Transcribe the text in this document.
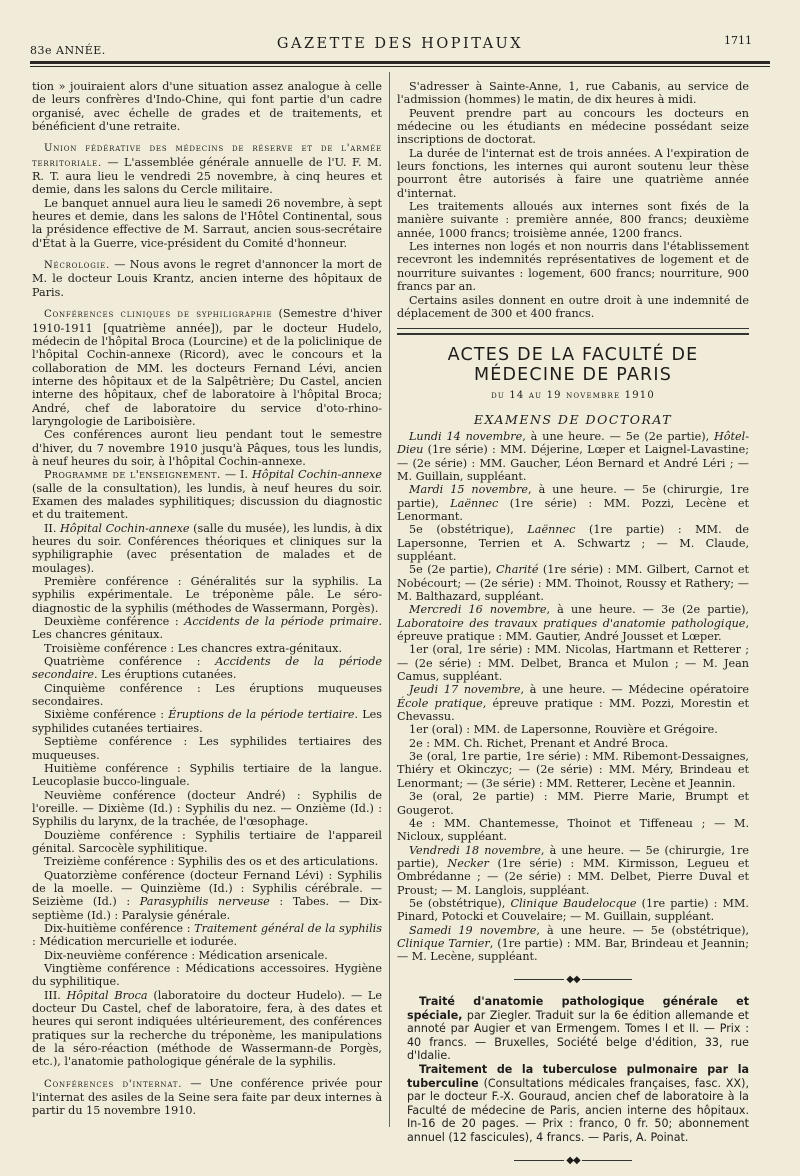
83e ANNÉE.	GAZETTE DES HOPITAUX	1711

tion » jouiraient alors d'une situation assez analogue à celle de leurs confrères d'Indo-Chine, qui font partie d'un cadre organisé, avec échelle de grades et de traitements, et bénéficient d'une retraite.

Union fédérative des médecins de réserve et de l'armée territoriale. — L'assemblée générale annuelle de l'U. F. M. R. T. aura lieu le vendredi 25 novembre, à cinq heures et demie, dans les salons du Cercle militaire.

Le banquet annuel aura lieu le samedi 26 novembre, à sept heures et demie, dans les salons de l'Hôtel Continental, sous la présidence effective de M. Sarraut, ancien sous-secrétaire d'État à la Guerre, vice-président du Comité d'honneur.

Nécrologie. — Nous avons le regret d'annoncer la mort de M. le docteur Louis Krantz, ancien interne des hôpitaux de Paris.

Conférences cliniques de syphiligraphie (Semestre d'hiver 1910-1911 [quatrième année]), par le docteur Hudelo, médecin de l'hôpital Broca (Lourcine) et de la policlinique de l'hôpital Cochin-annexe (Ricord), avec le concours et la collaboration de MM. les docteurs Fernand Lévi, ancien interne des hôpitaux et de la Salpêtrière; Du Castel, ancien interne des hôpitaux, chef de laboratoire à l'hôpital Broca; André, chef de laboratoire du service d'oto-rhino-laryngologie de Lariboisière.

Ces conférences auront lieu pendant tout le semestre d'hiver, du 7 novembre 1910 jusqu'à Pâques, tous les lundis, à neuf heures du soir, à l'hôpital Cochin-annexe.

Programme de l'enseignement. — I. Hôpital Cochin-annexe (salle de la consultation), les lundis, à neuf heures du soir. Examen des malades syphilitiques; discussion du diagnostic et du traitement.

II. Hôpital Cochin-annexe (salle du musée), les lundis, à dix heures du soir. Conférences théoriques et cliniques sur la syphiligraphie (avec présentation de malades et de moulages).

Première conférence : Généralités sur la syphilis. La syphilis expérimentale. Le tréponème pâle. Le séro-diagnostic de la syphilis (méthodes de Wassermann, Porgès).

Deuxième conférence : Accidents de la période primaire. Les chancres génitaux.

Troisième conférence : Les chancres extra-génitaux.

Quatrième conférence : Accidents de la période secondaire. Les éruptions cutanées.

Cinquième conférence : Les éruptions muqueuses secondaires.

Sixième conférence : Éruptions de la période tertiaire. Les syphilides cutanées tertiaires.

Septième conférence : Les syphilides tertiaires des muqueuses.

Huitième conférence : Syphilis tertiaire de la langue. Leucoplasie bucco-linguale.

Neuvième conférence (docteur André) : Syphilis de l'oreille. — Dixième (Id.) : Syphilis du nez. — Onzième (Id.) : Syphilis du larynx, de la trachée, de l'œsophage.

Douzième conférence : Syphilis tertiaire de l'appareil génital. Sarcocèle syphilitique.

Treizième conférence : Syphilis des os et des articulations.

Quatorzième conférence (docteur Fernand Lévi) : Syphilis de la moelle. — Quinzième (Id.) : Syphilis cérébrale. — Seizième (Id.) : Parasyphilis nerveuse : Tabes. — Dix-septième (Id.) : Paralysie générale.

Dix-huitième conférence : Traitement général de la syphilis : Médication mercurielle et iodurée.

Dix-neuvième conférence : Médication arsenicale.

Vingtième conférence : Médications accessoires. Hygiène du syphilitique.

III. Hôpital Broca (laboratoire du docteur Hudelo). — Le docteur Du Castel, chef de laboratoire, fera, à des dates et heures qui seront indiquées ultérieurement, des conférences pratiques sur la recherche du tréponème, les manipulations de la séro-réaction (méthode de Wassermann-de Porgès, etc.), l'anatomie pathologique générale de la syphilis.

Conférences d'internat. — Une conférence privée pour l'internat des asiles de la Seine sera faite par deux internes à partir du 15 novembre 1910.

S'adresser à Sainte-Anne, 1, rue Cabanis, au service de l'admission (hommes) le matin, de dix heures à midi.

Peuvent prendre part au concours les docteurs en médecine ou les étudiants en médecine possédant seize inscriptions de doctorat.

La durée de l'internat est de trois années. A l'expiration de leurs fonctions, les internes qui auront soutenu leur thèse pourront être autorisés à faire une quatrième année d'internat.

Les traitements alloués aux internes sont fixés de la manière suivante : première année, 800 francs; deuxième année, 1000 francs; troisième année, 1200 francs.

Les internes non logés et non nourris dans l'établissement recevront les indemnités représentatives de logement et de nourriture suivantes : logement, 600 francs; nourriture, 900 francs par an.

Certains asiles donnent en outre droit à une indemnité de déplacement de 300 et 400 francs.

ACTES DE LA FACULTÉ DE MÉDECINE DE PARIS
du 14 au 19 novembre 1910
EXAMENS DE DOCTORAT

Lundi 14 novembre, à une heure. — 5e (2e partie), Hôtel-Dieu (1re série) : MM. Déjerine, Lœper et Laignel-Lavastine; — (2e série) : MM. Gaucher, Léon Bernard et André Léri ; — M. Guillain, suppléant.

Mardi 15 novembre, à une heure. — 5e (chirurgie, 1re partie), Laënnec (1re série) : MM. Pozzi, Lecène et Lenormant.

5e (obstétrique), Laënnec (1re partie) : MM. de Lapersonne, Terrien et A. Schwartz ; — M. Claude, suppléant.

5e (2e partie), Charité (1re série) : MM. Gilbert, Carnot et Nobécourt; — (2e série) : MM. Thoinot, Roussy et Rathery; — M. Balthazard, suppléant.

Mercredi 16 novembre, à une heure. — 3e (2e partie), Laboratoire des travaux pratiques d'anatomie pathologique, épreuve pratique : MM. Gautier, André Jousset et Lœper.

1er (oral, 1re série) : MM. Nicolas, Hartmann et Retterer ; — (2e série) : MM. Delbet, Branca et Mulon ; — M. Jean Camus, suppléant.

Jeudi 17 novembre, à une heure. — Médecine opératoire École pratique, épreuve pratique : MM. Pozzi, Morestin et Chevassu.

1er (oral) : MM. de Lapersonne, Rouvière et Grégoire.

2e : MM. Ch. Richet, Prenant et André Broca.

3e (oral, 1re partie, 1re série) : MM. Ribemont-Dessaignes, Thiéry et Okinczyc; — (2e série) : MM. Méry, Brindeau et Lenormant; — (3e série) : MM. Retterer, Lecène et Jeannin.

3e (oral, 2e partie) : MM. Pierre Marie, Brumpt et Gougerot.

4e : MM. Chantemesse, Thoinot et Tiffeneau ; — M. Nicloux, suppléant.

Vendredi 18 novembre, à une heure. — 5e (chirurgie, 1re partie), Necker (1re série) : MM. Kirmisson, Legueu et Ombrédanne ; — (2e série) : MM. Delbet, Pierre Duval et Proust; — M. Langlois, suppléant.

5e (obstétrique), Clinique Baudelocque (1re partie) : MM. Pinard, Potocki et Couvelaire; — M. Guillain, suppléant.

Samedi 19 novembre, à une heure. — 5e (obstétrique), Clinique Tarnier, (1re partie) : MM. Bar, Brindeau et Jeannin; — M. Lecène, suppléant.

◆◆

Traité d'anatomie pathologique générale et spéciale, par Ziegler. Traduit sur la 6e édition allemande et annoté par Augier et van Ermengem. Tomes I et II. — Prix : 40 francs. — Bruxelles, Société belge d'édition, 33, rue d'Idalie.

Traitement de la tuberculose pulmonaire par la tuberculine (Consultations médicales françaises, fasc. XX), par le docteur F.-X. Gouraud, ancien chef de laboratoire à la Faculté de médecine de Paris, ancien interne des hôpitaux. In-16 de 20 pages. — Prix : franco, 0 fr. 50; abonnement annuel (12 fascicules), 4 francs. — Paris, A. Poinat.

◆◆
